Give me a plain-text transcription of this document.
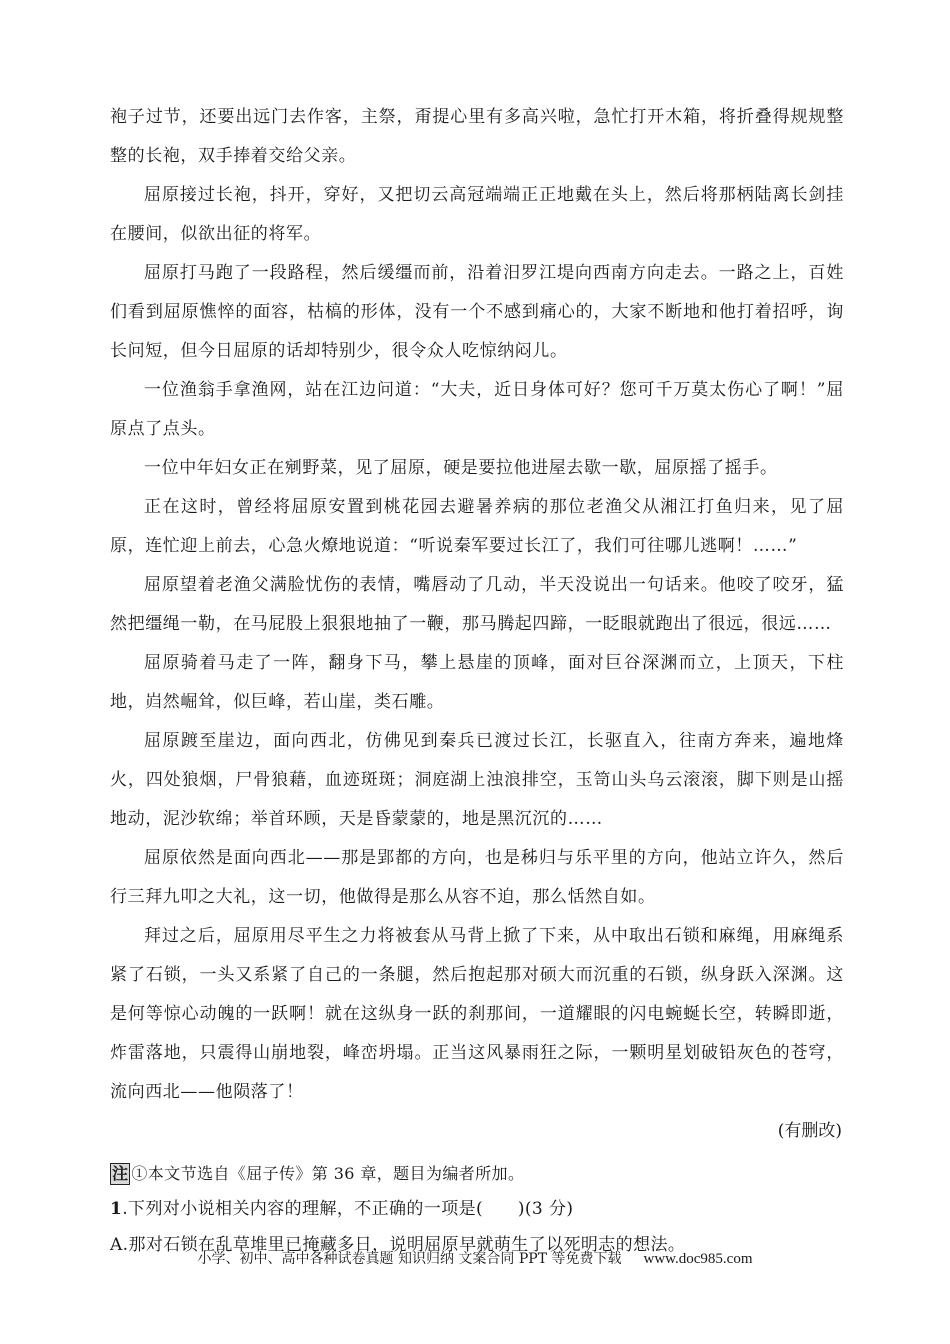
袍子过节，还要出远门去作客，主祭，甭提心里有多高兴啦，急忙打开木箱，将折叠得规规整整的长袍，双手捧着交给父亲。

屈原接过长袍，抖开，穿好，又把切云高冠端端正正地戴在头上，然后将那柄陆离长剑挂在腰间，似欲出征的将军。

屈原打马跑了一段路程，然后缓缰而前，沿着汨罗江堤向西南方向走去。一路之上，百姓们看到屈原憔悴的面容，枯槁的形体，没有一个不感到痛心的，大家不断地和他打着招呼，询长问短，但今日屈原的话却特别少，很令众人吃惊纳闷儿。

一位渔翁手拿渔网，站在江边问道：“大夫，近日身体可好？您可千万莫太伤心了啊！”屈原点了点头。

一位中年妇女正在剜野菜，见了屈原，硬是要拉他进屋去歇一歇，屈原摇了摇手。

正在这时，曾经将屈原安置到桃花园去避暑养病的那位老渔父从湘江打鱼归来，见了屈原，连忙迎上前去，心急火燎地说道：“听说秦军要过长江了，我们可往哪儿逃啊！……”

屈原望着老渔父满脸忧伤的表情，嘴唇动了几动，半天没说出一句话来。他咬了咬牙，猛然把缰绳一勒，在马屁股上狠狠地抽了一鞭，那马腾起四蹄，一眨眼就跑出了很远，很远……

屈原骑着马走了一阵，翻身下马，攀上悬崖的顶峰，面对巨谷深渊而立，上顶天，下柱地，岿然崛耸，似巨峰，若山崖，类石雕。

屈原踱至崖边，面向西北，仿佛见到秦兵已渡过长江，长驱直入，往南方奔来，遍地烽火，四处狼烟，尸骨狼藉，血迹斑斑；洞庭湖上浊浪排空，玉笥山头乌云滚滚，脚下则是山摇地动，泥沙软绵；举首环顾，天是昏蒙蒙的，地是黑沉沉的……

屈原依然是面向西北——那是郢都的方向，也是秭归与乐平里的方向，他站立许久，然后行三拜九叩之大礼，这一切，他做得是那么从容不迫，那么恬然自如。

拜过之后，屈原用尽平生之力将被套从马背上掀了下来，从中取出石锁和麻绳，用麻绳系紧了石锁，一头又系紧了自己的一条腿，然后抱起那对硕大而沉重的石锁，纵身跃入深渊。这是何等惊心动魄的一跃啊！就在这纵身一跃的刹那间，一道耀眼的闪电蜿蜒长空，转瞬即逝，炸雷落地，只震得山崩地裂，峰峦坍塌。正当这风暴雨狂之际，一颗明星划破铅灰色的苍穹，流向西北——他陨落了！

(有删改)

注 ①本文节选自《屈子传》第 36 章，题目为编者所加。

1.下列对小说相关内容的理解，不正确的一项是(　　)(3 分)

A.那对石锁在乱草堆里已掩藏多日，说明屈原早就萌生了以死明志的想法。

小学、初中、高中各种试卷真题 知识归纳 文案合同 PPT 等免费下载 www.doc985.com
